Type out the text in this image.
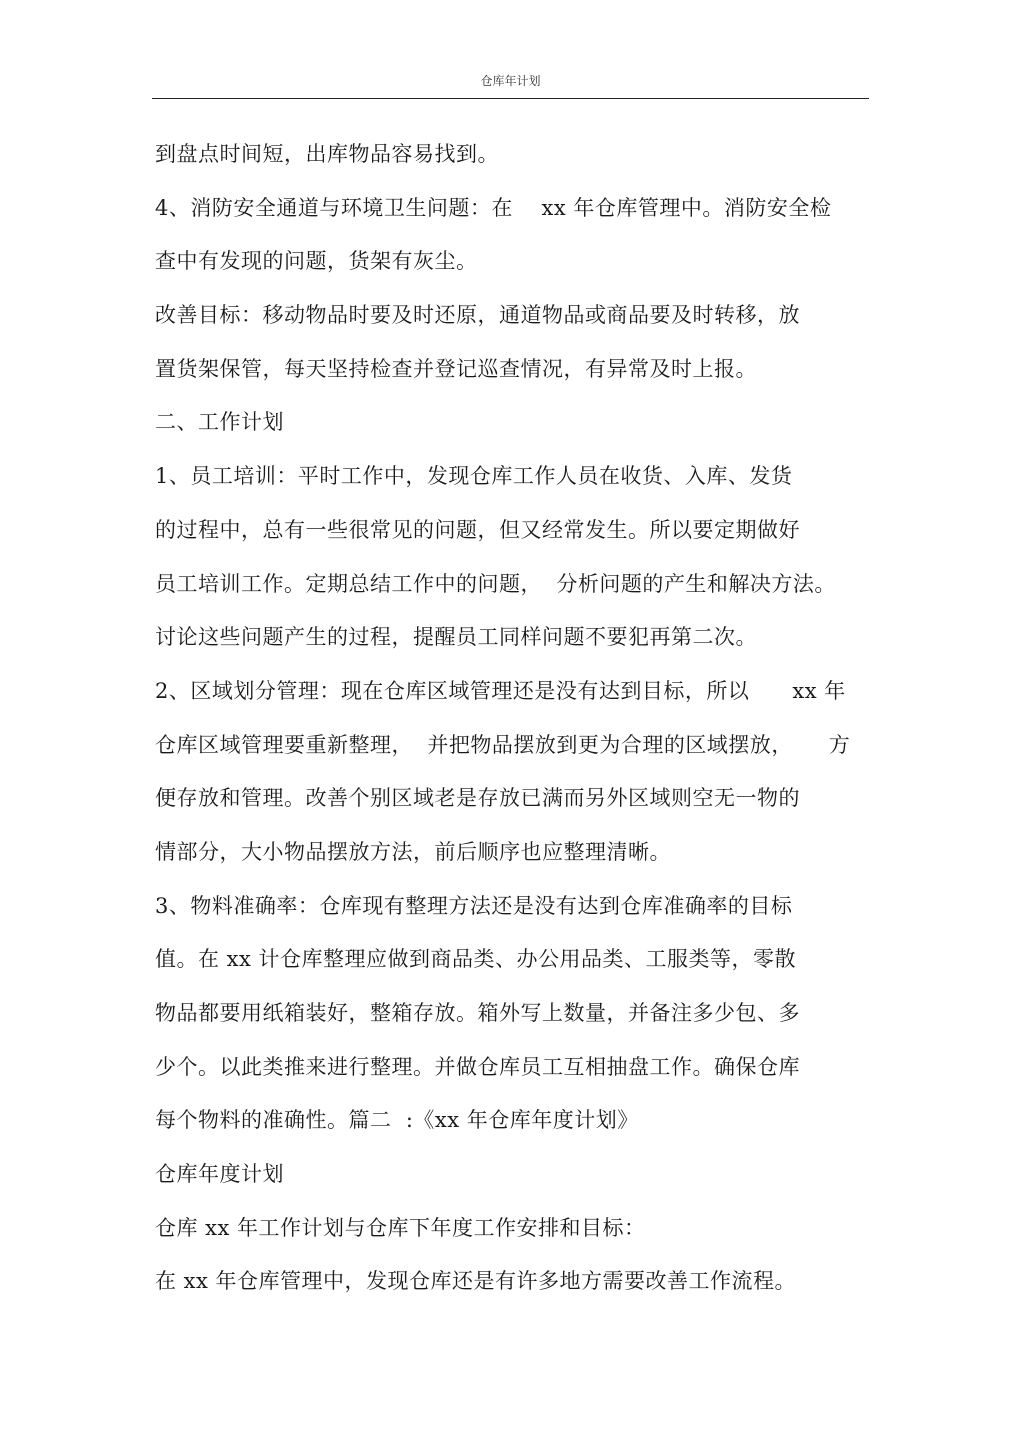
仓库年计划
到盘点时间短，出库物品容易找到。
4、消防安全通道与环境卫生问题：在    xx 年仓库管理中。消防安全检
查中有发现的问题，货架有灰尘。
改善目标：移动物品时要及时还原，通道物品或商品要及时转移，放
置货架保管，每天坚持检查并登记巡查情况，有异常及时上报。
二、工作计划
1、员工培训：平时工作中，发现仓库工作人员在收货、入库、发货
的过程中，总有一些很常见的问题，但又经常发生。所以要定期做好
员工培训工作。定期总结工作中的问题，  分析问题的产生和解决方法。
讨论这些问题产生的过程，提醒员工同样问题不要犯再第二次。
2、区域划分管理：现在仓库区域管理还是没有达到目标，所以      xx 年
仓库区域管理要重新整理，  并把物品摆放到更为合理的区域摆放，     方
便存放和管理。改善个别区域老是存放已满而另外区域则空无一物的
情部分，大小物品摆放方法，前后顺序也应整理清晰。
3、物料准确率：仓库现有整理方法还是没有达到仓库准确率的目标
值。在 xx 计仓库整理应做到商品类、办公用品类、工服类等，零散
物品都要用纸箱装好，整箱存放。箱外写上数量，并备注多少包、多
少个。以此类推来进行整理。并做仓库员工互相抽盘工作。确保仓库
每个物料的准确性。篇二  :《xx 年仓库年度计划》
仓库年度计划
仓库 xx 年工作计划与仓库下年度工作安排和目标：
在 xx 年仓库管理中，发现仓库还是有许多地方需要改善工作流程。
